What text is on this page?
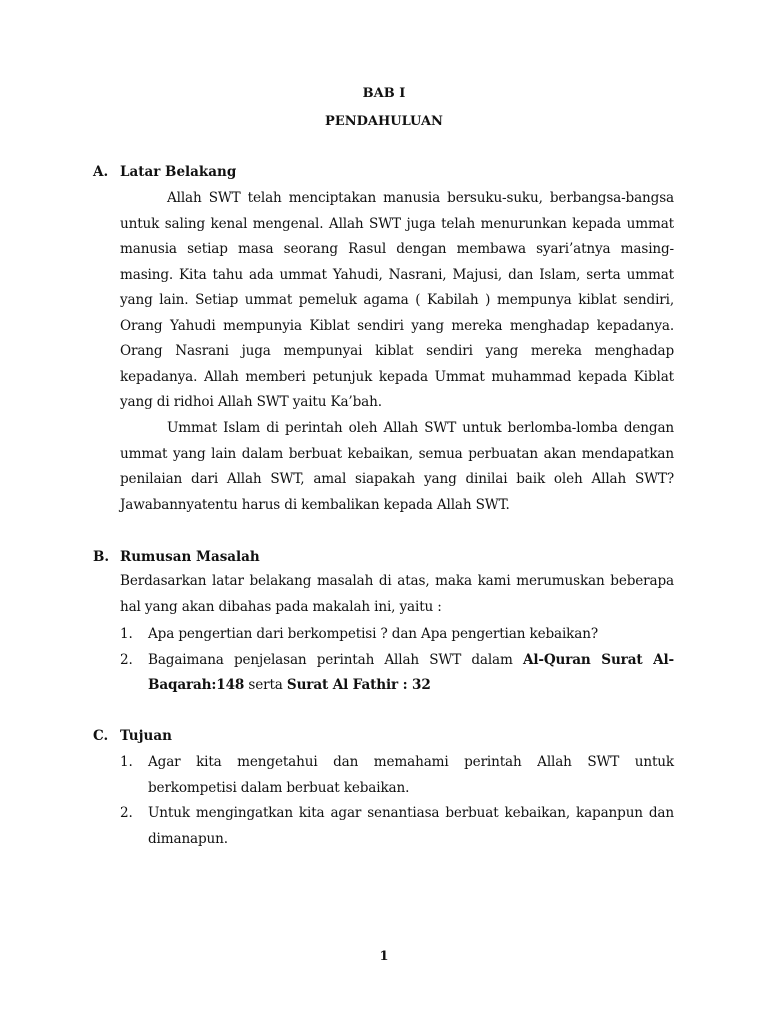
BAB I
PENDAHULUAN
A. Latar Belakang

Allah SWT telah menciptakan manusia bersuku-suku, berbangsa-bangsa untuk saling kenal mengenal. Allah SWT juga telah menurunkan kepada ummat manusia setiap masa seorang Rasul dengan membawa syari’atnya masing-masing. Kita tahu ada ummat Yahudi, Nasrani, Majusi, dan Islam, serta ummat yang lain. Setiap ummat pemeluk agama ( Kabilah ) mempunya kiblat sendiri, Orang Yahudi mempunyia Kiblat sendiri yang mereka menghadap kepadanya. Orang Nasrani juga mempunyai kiblat sendiri yang mereka menghadap kepadanya. Allah memberi petunjuk kepada Ummat muhammad kepada Kiblat yang di ridhoi Allah SWT yaitu Ka’bah.

Ummat Islam di perintah oleh Allah SWT untuk berlomba-lomba dengan ummat yang lain dalam berbuat kebaikan, semua perbuatan akan mendapatkan penilaian dari Allah SWT, amal siapakah yang dinilai baik oleh Allah SWT? Jawabannyatentu harus di kembalikan kepada Allah SWT.

B. Rumusan Masalah

Berdasarkan latar belakang masalah di atas, maka kami merumuskan beberapa hal yang akan dibahas pada makalah ini, yaitu :

1. Apa pengertian dari berkompetisi ? dan Apa pengertian kebaikan?
2. Bagaimana penjelasan perintah Allah SWT dalam Al-Quran Surat Al-Baqarah:148 serta Surat Al Fathir : 32
C. Tujuan
1. Agar kita mengetahui dan memahami perintah Allah SWT untuk berkompetisi dalam berbuat kebaikan.
2. Untuk mengingatkan kita agar senantiasa berbuat kebaikan, kapanpun dan dimanapun.
1
